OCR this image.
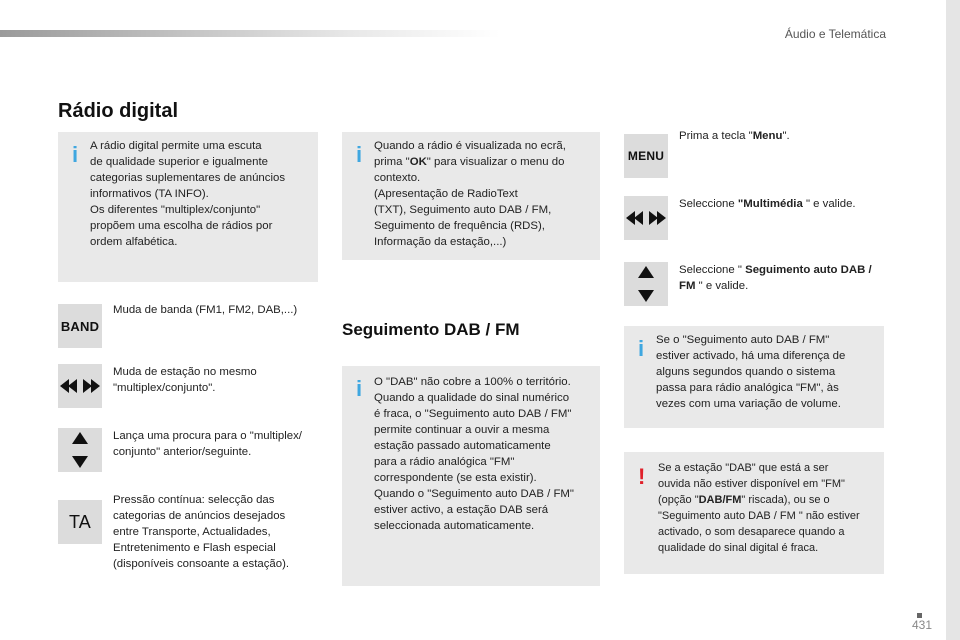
Áudio e Telemática
Rádio digital
i A rádio digital permite uma escuta
de qualidade superior e igualmente
categorias suplementares de anúncios
informativos (TA INFO).
Os diferentes "multiplex/conjunto"
propõem uma escolha de rádios por
ordem alfabética.
BAND
Muda de banda (FM1, FM2, DAB,...)
Muda de estação no mesmo
"multiplex/conjunto".
Lança uma procura para o "multiplex/
conjunto" anterior/seguinte.
TA
Pressão contínua: selecção das
categorias de anúncios desejados
entre Transporte, Actualidades,
Entretenimento e Flash especial
(disponíveis consoante a estação).
i Quando a rádio é visualizada no ecrã,
prima "OK" para visualizar o menu do
contexto.
(Apresentação de RadioText
(TXT), Seguimento auto DAB / FM,
Seguimento de frequência (RDS),
Informação da estação,...)
Seguimento DAB / FM
i O "DAB" não cobre a 100% o território.
Quando a qualidade do sinal numérico
é fraca, o "Seguimento auto DAB / FM"
permite continuar a ouvir a mesma
estação passado automaticamente
para a rádio analógica "FM"
correspondente (se esta existir).
Quando o "Seguimento auto DAB / FM"
estiver activo, a estação DAB será
seleccionada automaticamente.
MENU
Prima a tecla "Menu".
Seleccione "Multimédia " e valide.
Seleccione " Seguimento auto DAB /
FM " e valide.
i Se o "Seguimento auto DAB / FM"
estiver activado, há uma diferença de
alguns segundos quando o sistema
passa para rádio analógica "FM", às
vezes com uma variação de volume.
! Se a estação "DAB" que está a ser
ouvida não estiver disponível em "FM"
(opção "DAB/FM" riscada), ou se o
"Seguimento auto DAB / FM " não estiver
activado, o som desaparece quando a
qualidade do sinal digital é fraca.
431
